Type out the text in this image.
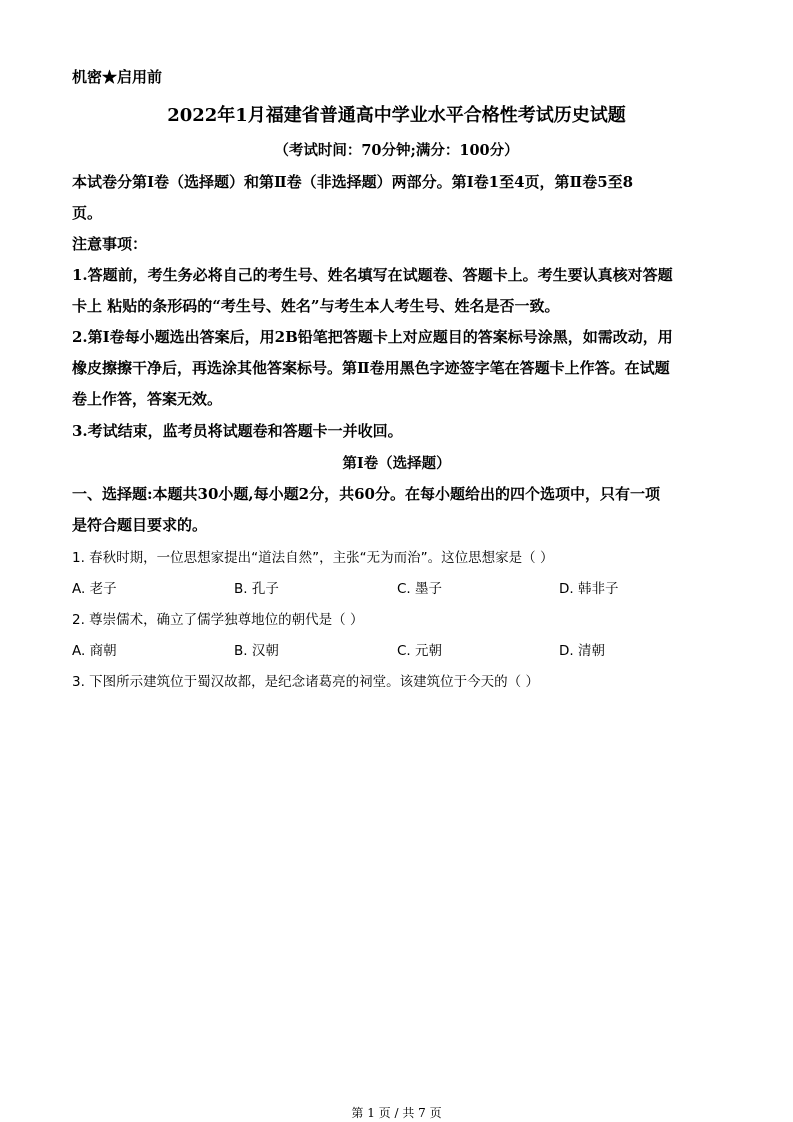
机密★启用前
2022年1月福建省普通高中学业水平合格性考试历史试题
（考试时间：70分钟;满分：100分）
本试卷分第Ⅰ卷（选择题）和第Ⅱ卷（非选择题）两部分。第Ⅰ卷1至4页，第Ⅱ卷5至8
页。
注意事项：
1.答题前，考生务必将自己的考生号、姓名填写在试题卷、答题卡上。考生要认真核对答题
卡上 粘贴的条形码的“考生号、姓名”与考生本人考生号、姓名是否一致。
2.第Ⅰ卷每小题选出答案后，用2B铅笔把答题卡上对应题目的答案标号涂黑，如需改动，用
橡皮擦擦干净后，再选涂其他答案标号。第Ⅱ卷用黑色字迹签字笔在答题卡上作答。在试题
卷上作答，答案无效。
3.考试结束，监考员将试题卷和答题卡一并收回。
第Ⅰ卷（选择题）
一、选择题:本题共30小题,每小题2分，共60分。在每小题给出的四个选项中，只有一项
是符合题目要求的。
1. 春秋时期，一位思想家提出“道法自然”，主张“无为而治”。这位思想家是（ ）
A. 老子	B. 孔子	C. 墨子	D. 韩非子
2. 尊崇儒术，确立了儒学独尊地位的朝代是（ ）
A. 商朝	B. 汉朝	C. 元朝	D. 清朝
3. 下图所示建筑位于蜀汉故都，是纪念诸葛亮的祠堂。该建筑位于今天的（ ）
第 1 页 / 共 7 页
